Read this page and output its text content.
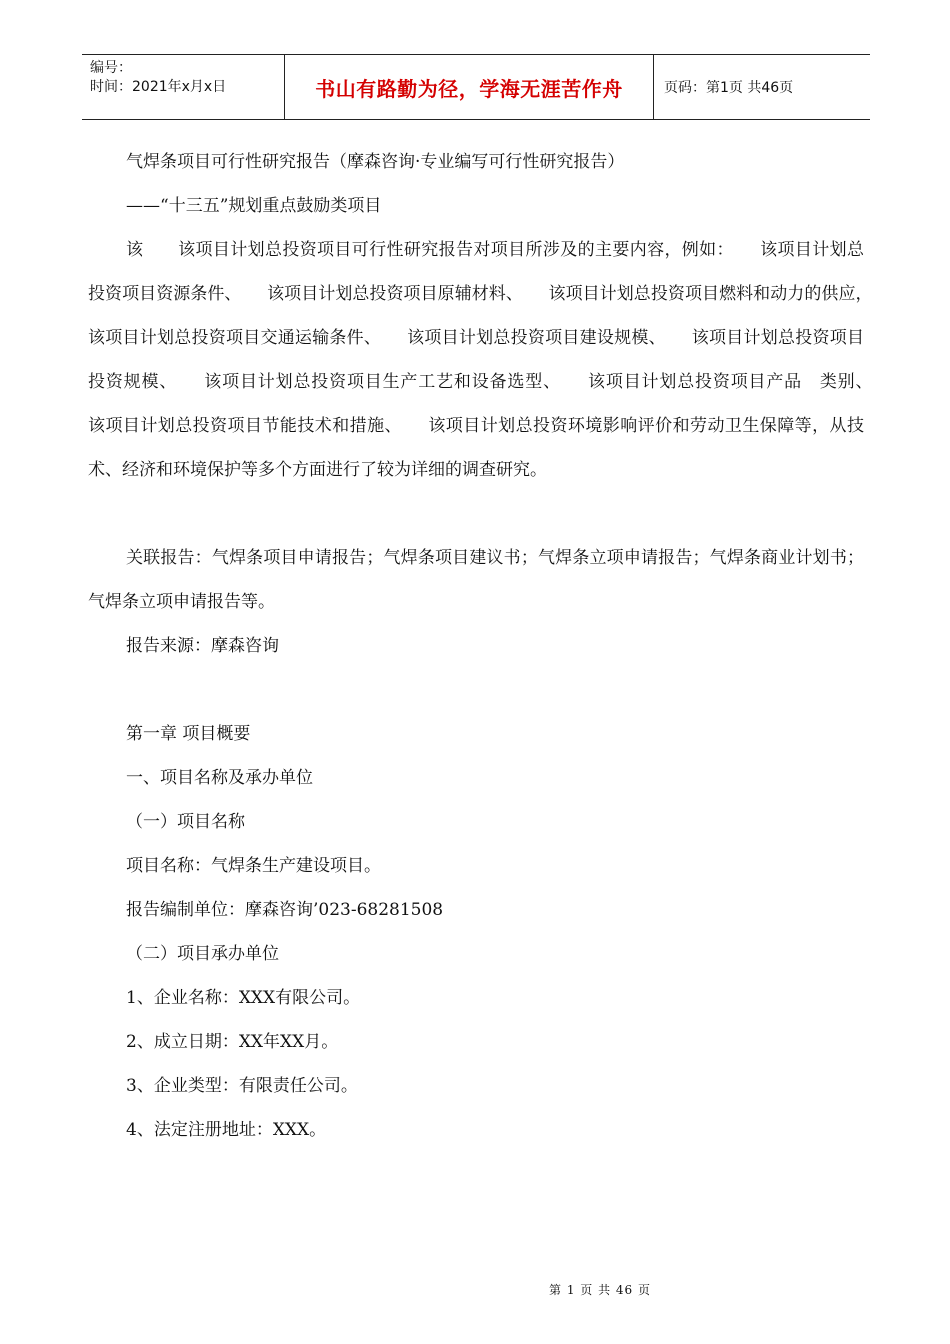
编号：
时间：2021年x月x日	书山有路勤为径，学海无涯苦作舟	页码：第1页 共46页

气焊条项目可行性研究报告（摩森咨询·专业编写可行性研究报告）

——“十三五”规划重点鼓励类项目

该　　该项目计划总投资项目可行性研究报告对项目所涉及的主要内容，例如：　　该项目计划总投资项目资源条件、　　该项目计划总投资项目原辅材料、　　该项目计划总投资项目燃料和动力的供应，　　该项目计划总投资项目交通运输条件、　　该项目计划总投资项目建设规模、　　该项目计划总投资项目投资规模、　　该项目计划总投资项目生产工艺和设备选型、　　该项目计划总投资项目产品　类别、　　该项目计划总投资项目节能技术和措施、　　该项目计划总投资环境影响评价和劳动卫生保障等，从技术、经济和环境保护等多个方面进行了较为详细的调查研究。

关联报告：气焊条项目申请报告；气焊条项目建议书；气焊条立项申请报告；气焊条商业计划书；气焊条立项申请报告等。

报告来源：摩森咨询

第一章 项目概要

一、项目名称及承办单位

（一）项目名称

项目名称：气焊条生产建设项目。

报告编制单位：摩森咨询’023-68281508

（二）项目承办单位

1、企业名称：XXX有限公司。

2、成立日期：XX年XX月。

3、企业类型：有限责任公司。

4、法定注册地址：XXX。

第 1 页 共 46 页
